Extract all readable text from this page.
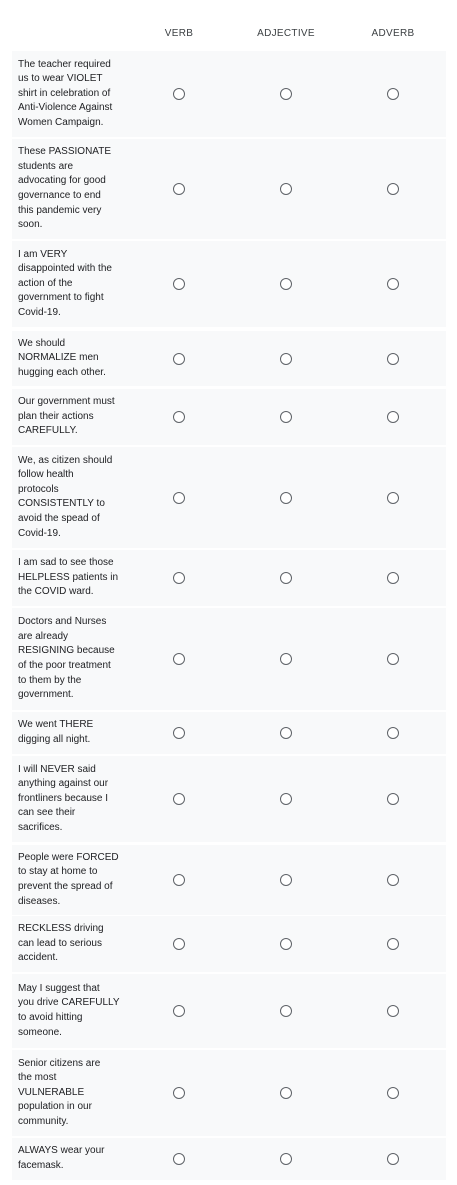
VERB	ADJECTIVE	ADVERB
The teacher required
us to wear VIOLET
shirt in celebration of
Anti-Violence Against
Women Campaign.
These PASSIONATE
students are
advocating for good
governance to end
this pandemic very
soon.
I am VERY
disappointed with the
action of the
government to fight
Covid-19.
We should
NORMALIZE men
hugging each other.
Our government must
plan their actions
CAREFULLY.
We, as citizen should
follow health
protocols
CONSISTENTLY to
avoid the spead of
Covid-19.
I am sad to see those
HELPLESS patients in
the COVID ward.
Doctors and Nurses
are already
RESIGNING because
of the poor treatment
to them by the
government.
We went THERE
digging all night.
I will NEVER said
anything against our
frontliners because I
can see their
sacrifices.
People were FORCED
to stay at home to
prevent the spread of
diseases.
RECKLESS driving
can lead to serious
accident.
May I suggest that
you drive CAREFULLY
to avoid hitting
someone.
Senior citizens are
the most
VULNERABLE
population in our
community.
ALWAYS wear your
facemask.
